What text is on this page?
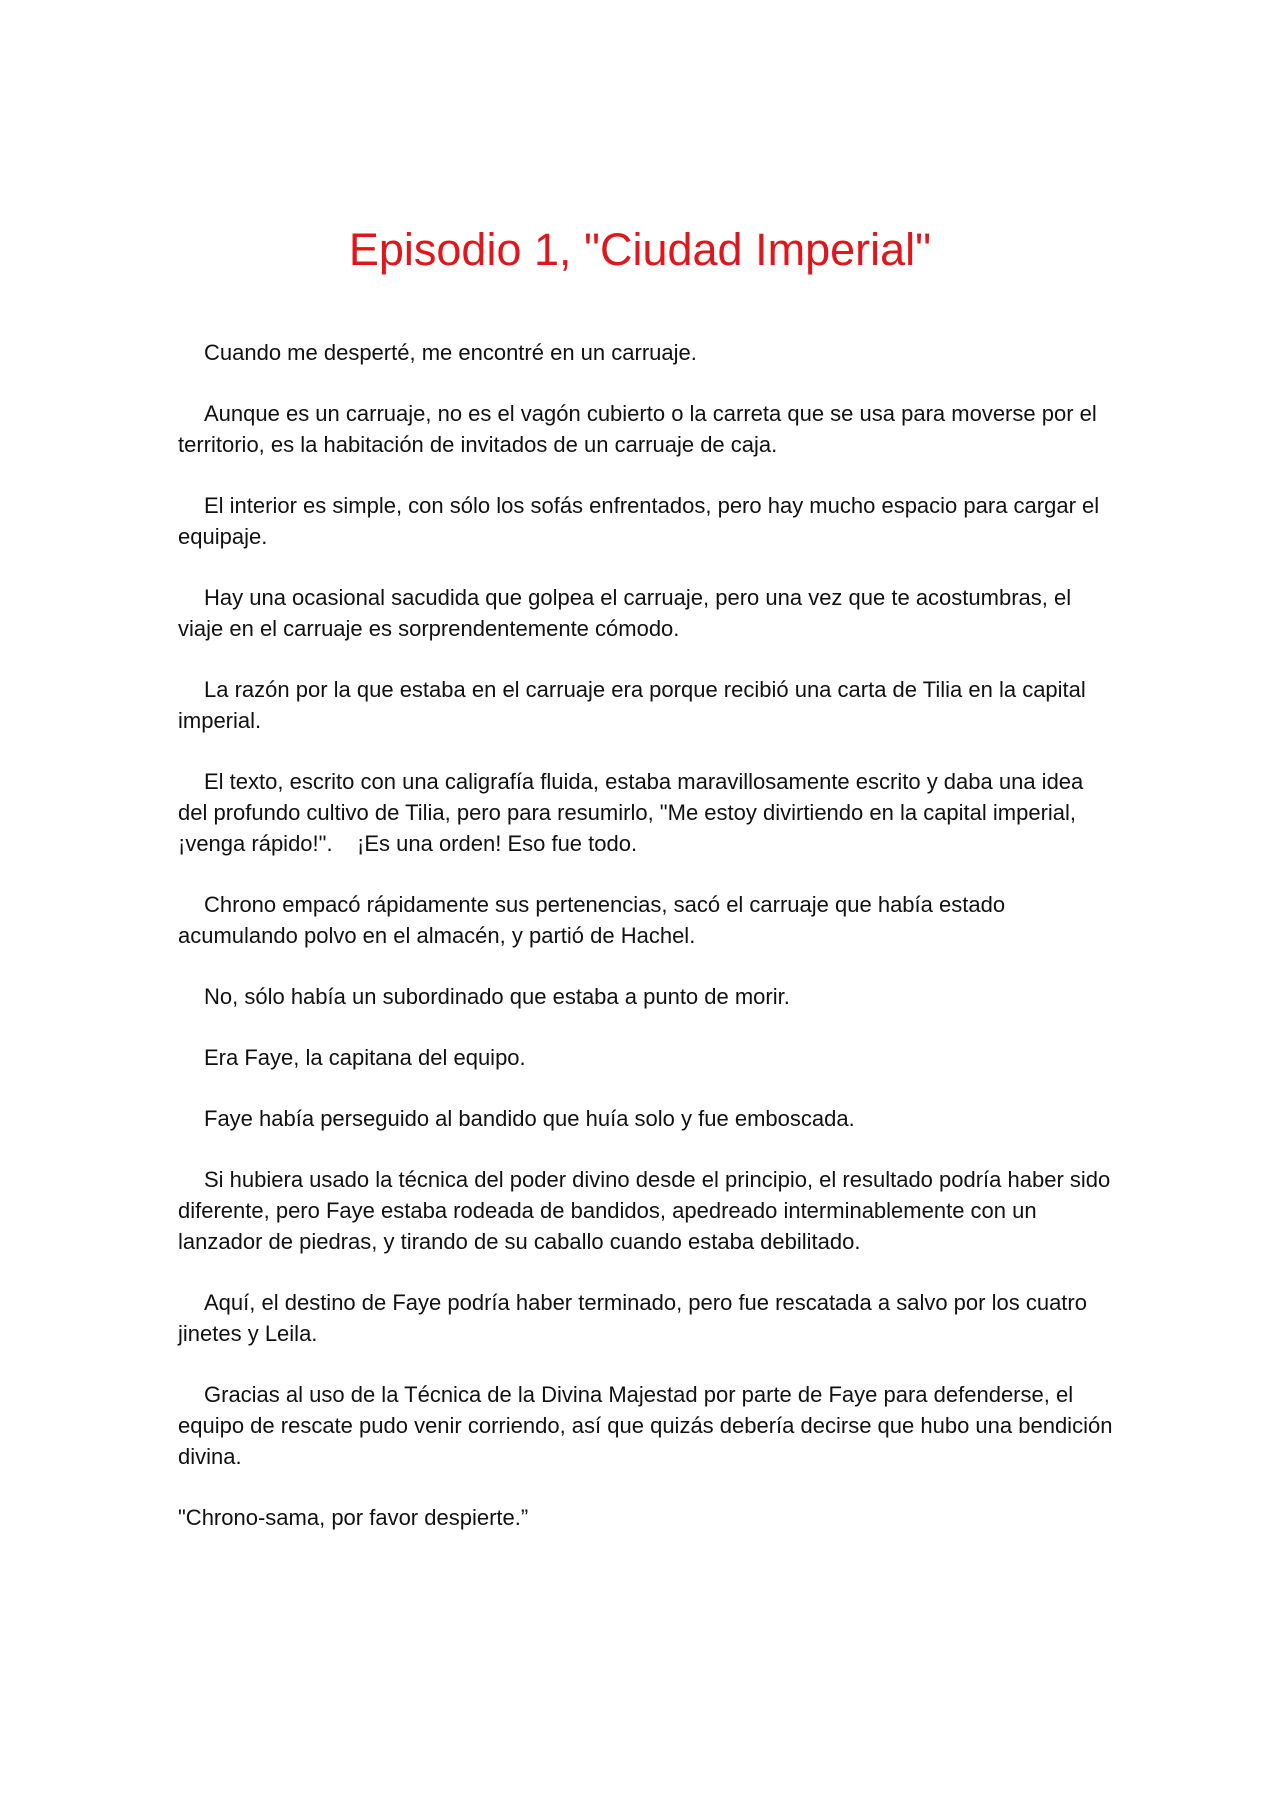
Episodio 1, "Ciudad Imperial"

Cuando me desperté, me encontré en un carruaje.

Aunque es un carruaje, no es el vagón cubierto o la carreta que se usa para moverse por el territorio, es la habitación de invitados de un carruaje de caja.

El interior es simple, con sólo los sofás enfrentados, pero hay mucho espacio para cargar el equipaje.

Hay una ocasional sacudida que golpea el carruaje, pero una vez que te acostumbras, el viaje en el carruaje es sorprendentemente cómodo.

La razón por la que estaba en el carruaje era porque recibió una carta de Tilia en la capital imperial.

El texto, escrito con una caligrafía fluida, estaba maravillosamente escrito y daba una idea del profundo cultivo de Tilia, pero para resumirlo, "Me estoy divirtiendo en la capital imperial, ¡venga rápido!".    ¡Es una orden! Eso fue todo.

Chrono empacó rápidamente sus pertenencias, sacó el carruaje que había estado acumulando polvo en el almacén, y partió de Hachel.

No, sólo había un subordinado que estaba a punto de morir.

Era Faye, la capitana del equipo.

Faye había perseguido al bandido que huía solo y fue emboscada.

Si hubiera usado la técnica del poder divino desde el principio, el resultado podría haber sido diferente, pero Faye estaba rodeada de bandidos, apedreado interminablemente con un lanzador de piedras, y tirando de su caballo cuando estaba debilitado.

Aquí, el destino de Faye podría haber terminado, pero fue rescatada a salvo por los cuatro jinetes y Leila.

Gracias al uso de la Técnica de la Divina Majestad por parte de Faye para defenderse, el equipo de rescate pudo venir corriendo, así que quizás debería decirse que hubo una bendición divina.

"Chrono-sama, por favor despierte.”
